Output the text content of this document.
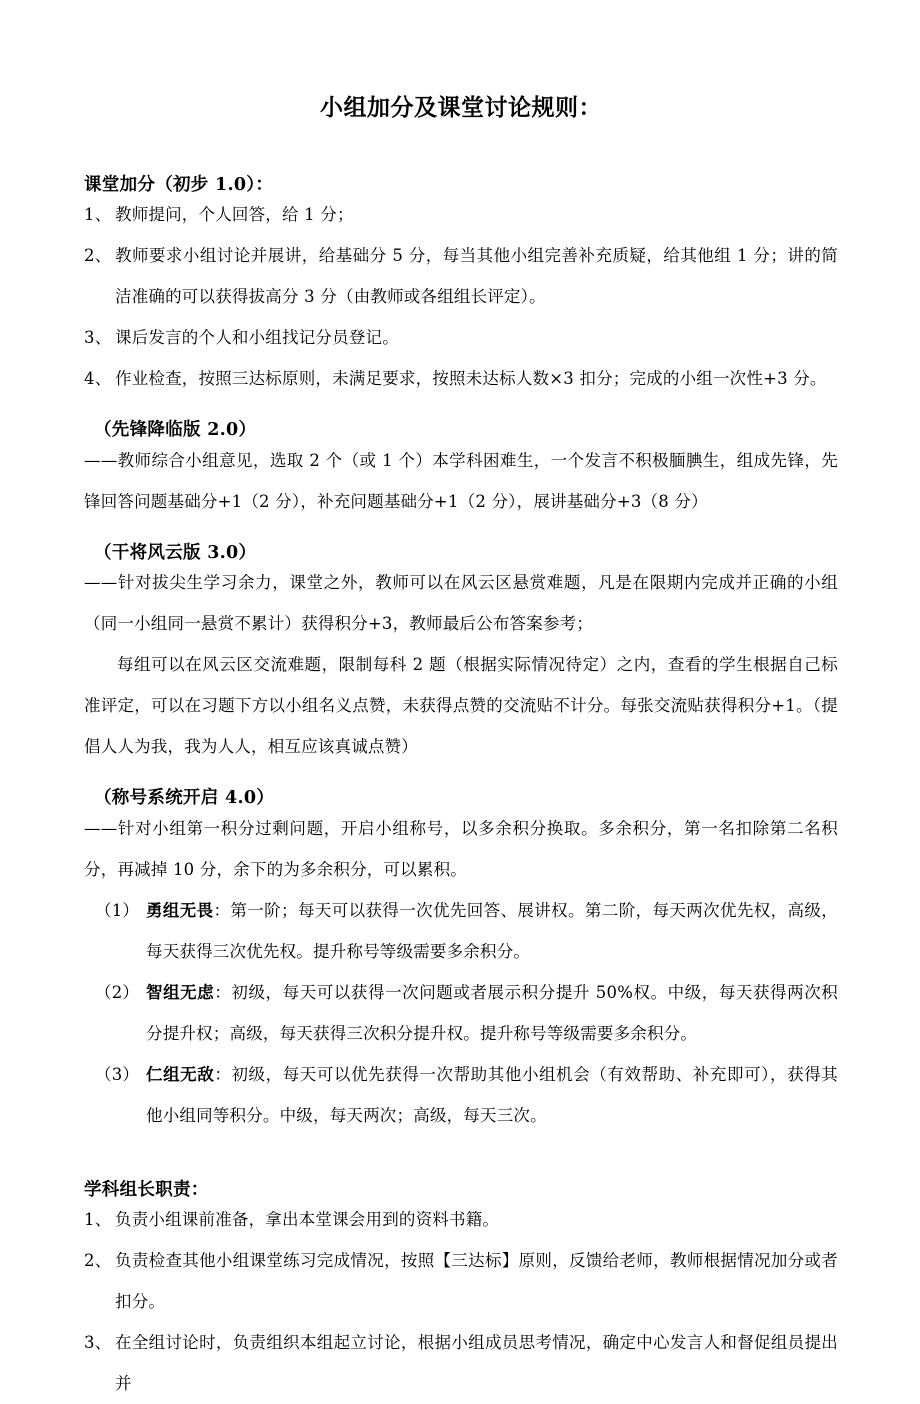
小组加分及课堂讨论规则：
课堂加分（初步 1.0）：

1、 教师提问，个人回答，给 1 分；

2、 教师要求小组讨论并展讲，给基础分 5 分，每当其他小组完善补充质疑，给其他组 1 分；讲的简洁准确的可以获得拔高分 3 分（由教师或各组组长评定）。

3、 课后发言的个人和小组找记分员登记。

4、 作业检查，按照三达标原则，未满足要求，按照未达标人数×3 扣分；完成的小组一次性+3 分。

（先锋降临版 2.0）

——教师综合小组意见，选取 2 个（或 1 个）本学科困难生，一个发言不积极腼腆生，组成先锋，先锋回答问题基础分+1（2 分），补充问题基础分+1（2 分），展讲基础分+3（8 分）

（干将风云版 3.0）

——针对拔尖生学习余力，课堂之外，教师可以在风云区悬赏难题，凡是在限期内完成并正确的小组（同一小组同一悬赏不累计）获得积分+3，教师最后公布答案参考；

每组可以在风云区交流难题，限制每科 2 题（根据实际情况待定）之内，查看的学生根据自己标准评定，可以在习题下方以小组名义点赞，未获得点赞的交流贴不计分。每张交流贴获得积分+1。（提倡人人为我，我为人人，相互应该真诚点赞）

（称号系统开启 4.0）

——针对小组第一积分过剩问题，开启小组称号，以多余积分换取。多余积分，第一名扣除第二名积分，再减掉 10 分，余下的为多余积分，可以累积。

（1） 勇组无畏：第一阶；每天可以获得一次优先回答、展讲权。第二阶，每天两次优先权，高级，每天获得三次优先权。提升称号等级需要多余积分。

（2） 智组无虑：初级，每天可以获得一次问题或者展示积分提升 50%权。中级，每天获得两次积分提升权；高级，每天获得三次积分提升权。提升称号等级需要多余积分。

（3） 仁组无敌：初级，每天可以优先获得一次帮助其他小组机会（有效帮助、补充即可），获得其他小组同等积分。中级，每天两次；高级，每天三次。

学科组长职责：

1、 负责小组课前准备，拿出本堂课会用到的资料书籍。

2、 负责检查其他小组课堂练习完成情况，按照【三达标】原则，反馈给老师，教师根据情况加分或者扣分。

3、 在全组讨论时，负责组织本组起立讨论，根据小组成员思考情况，确定中心发言人和督促组员提出并
